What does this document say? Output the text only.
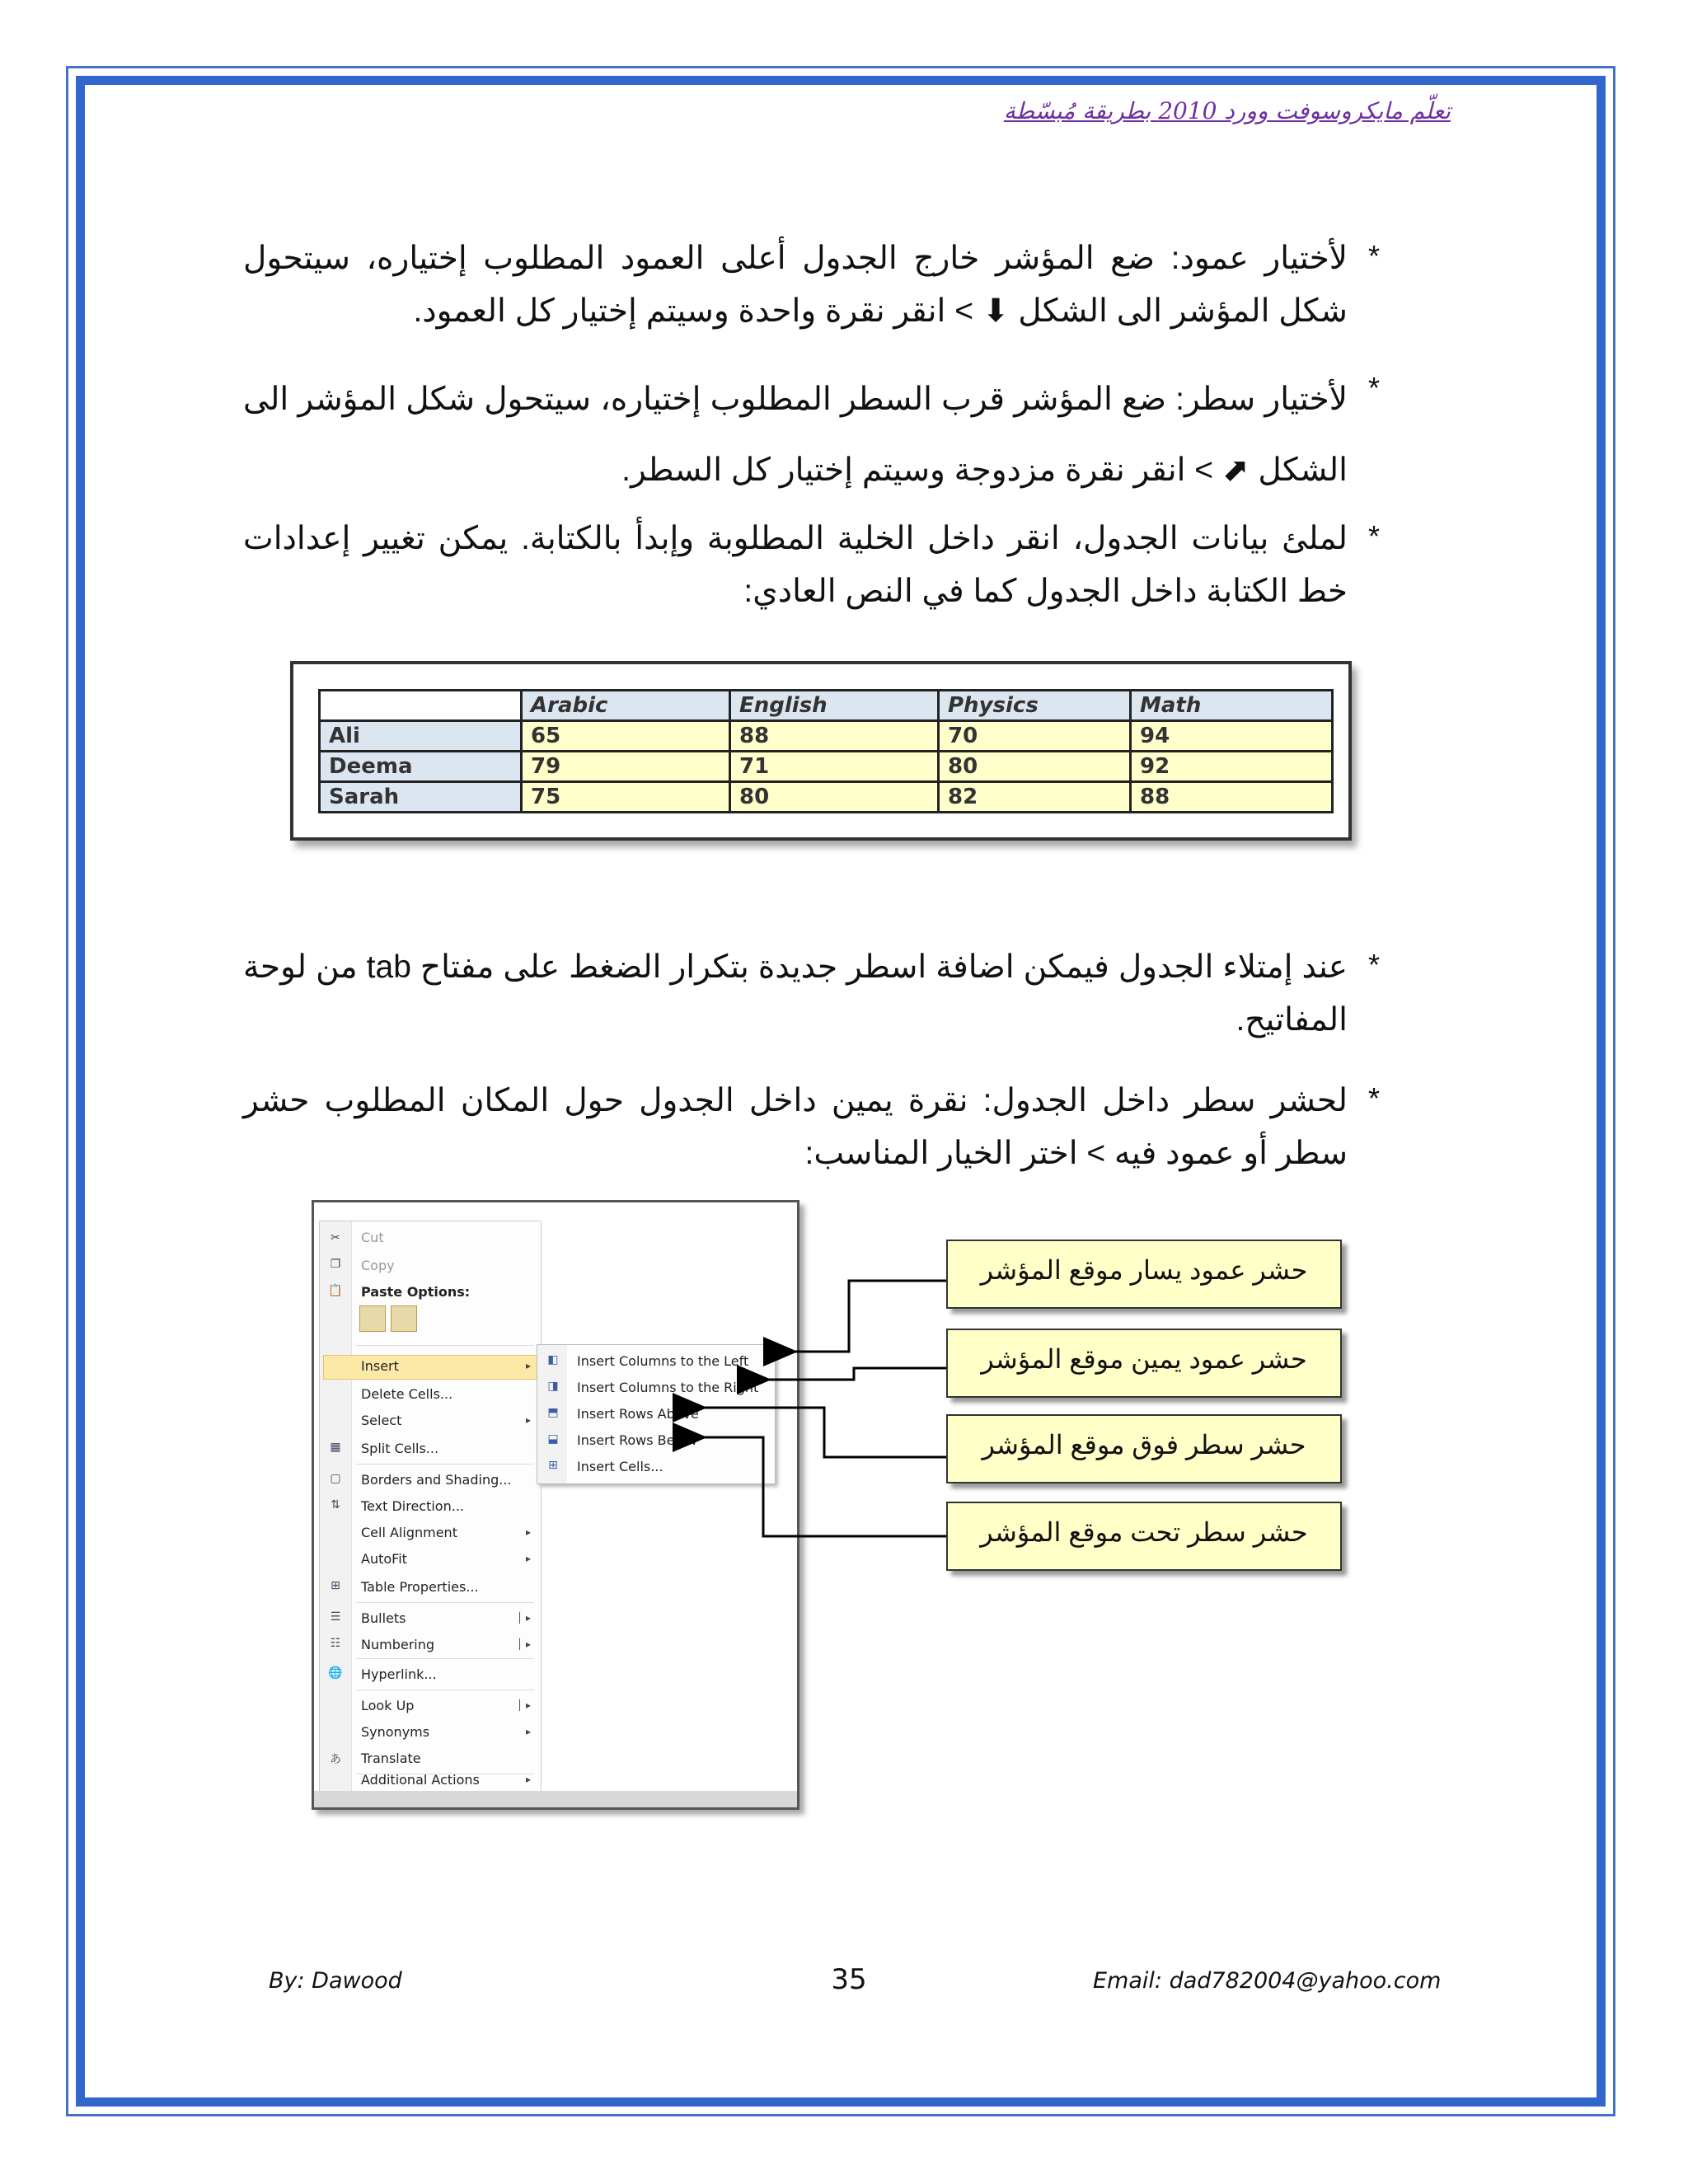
تعلّم مايكروسوفت وورد 2010 بطريقة مُبسّطة
*
لأختيار عمود: ضع المؤشر خارج الجدول أعلى العمود المطلوب إختياره، سيتحول شكل المؤشر الى الشكل ⬇ > انقر نقرة واحدة وسيتم إختيار كل العمود.
*
لأختيار سطر: ضع المؤشر قرب السطر المطلوب إختياره، سيتحول شكل المؤشر الى الشكل ⬈ > انقر نقرة مزدوجة وسيتم إختيار كل السطر.
*
لملئ بيانات الجدول، انقر داخل الخلية المطلوبة وإبدأ بالكتابة. يمكن تغيير إعدادات خط الكتابة داخل الجدول كما في النص العادي:
	Arabic	English	Physics	Math
Ali	65	88	70	94
Deema	79	71	80	92
Sarah	75	80	82	88
*
عند إمتلاء الجدول فيمكن اضافة اسطر جديدة بتكرار الضغط على مفتاح tab من لوحة المفاتيح.
*
لحشر سطر داخل الجدول: نقرة يمين داخل الجدول حول المكان المطلوب حشر سطر أو عمود فيه > اختر الخيار المناسب:
✂ Cut
❐ Copy
📋 Paste Options:
Insert	▸
Delete Cells...
Select	▸
▦ Split Cells...
▢ Borders and Shading...
⇅ Text Direction...
Cell Alignment	▸
AutoFit	▸
⊞ Table Properties...
☰ Bullets	│ ▸
☷ Numbering	│ ▸
🌐 Hyperlink...
Look Up	│ ▸
Synonyms	▸
あ Translate
Additional Actions	▸
◧ Insert Columns to the Left
◨ Insert Columns to the Right
⬒ Insert Rows Above
⬓ Insert Rows Below
⊞ Insert Cells...
حشر عمود يسار موقع المؤشر
حشر عمود يمين موقع المؤشر
حشر سطر فوق موقع المؤشر
حشر سطر تحت موقع المؤشر
By: Dawood	35	Email: dad782004@yahoo.com
